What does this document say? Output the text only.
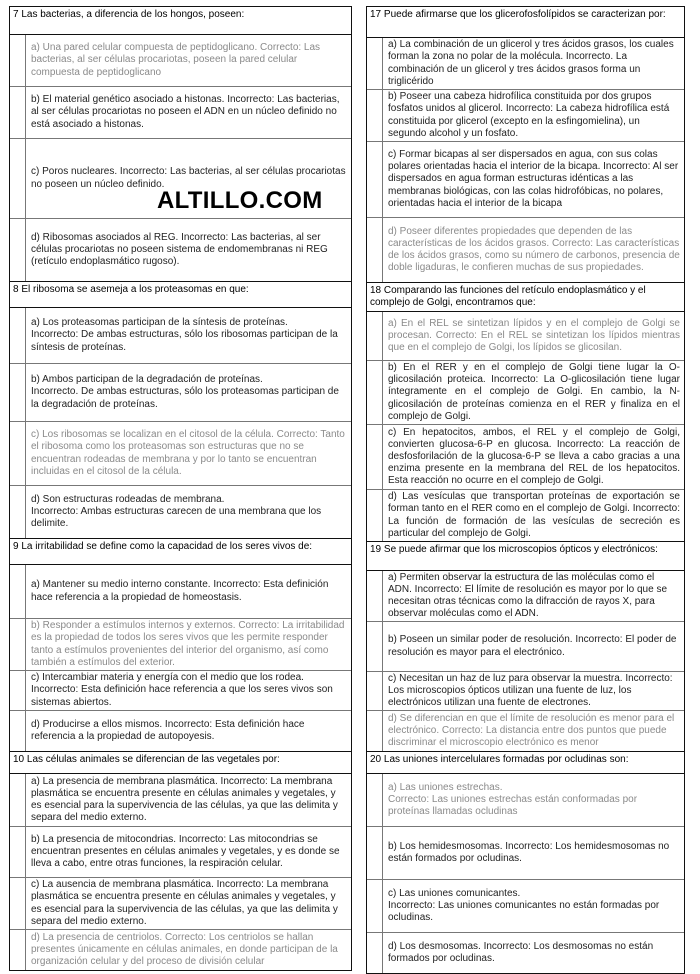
7 Las bacterias, a diferencia de los hongos, poseen:
a) Una pared celular compuesta de peptidoglicano. Correcto: Las bacterias, al ser células procariotas, poseen la pared celular compuesta de peptidoglicano
b) El material genético asociado a histonas. Incorrecto: Las bacterias, al ser células procariotas no poseen el ADN en un núcleo definido no está asociado a histonas.
c) Poros nucleares. Incorrecto: Las bacterias, al ser células procariotas no poseen un núcleo definido.
d) Ribosomas asociados al REG. Incorrecto: Las bacterias, al ser células procariotas no poseen sistema de endomembranas ni REG (retículo endoplasmático rugoso).
8 El ribosoma se asemeja a los proteasomas en que:
a) Los proteasomas participan de la síntesis de proteínas.
Incorrecto: De ambas estructuras, sólo los ribosomas participan de la síntesis de proteínas.
b) Ambos participan de la degradación de proteínas.
Incorrecto. De ambas estructuras, sólo los proteasomas participan de la degradación de proteínas.
c) Los ribosomas se localizan en el citosol de la célula. Correcto: Tanto el ribosoma como los proteasomas son estructuras que no se encuentran rodeadas de membrana y por lo tanto se encuentran incluidas en el citosol de la célula.
d) Son estructuras rodeadas de membrana.
Incorrecto: Ambas estructuras carecen de una membrana que los delimite.
9 La irritabilidad se define como la capacidad de los seres vivos de:
a) Mantener su medio interno constante. Incorrecto: Esta definición hace referencia a la propiedad de homeostasis.
b) Responder a estímulos internos y externos. Correcto: La irritabilidad es la propiedad de todos los seres vivos que les permite responder tanto a estímulos provenientes del interior del organismo, así como también a estímulos del exterior.
c) Intercambiar materia y energía con el medio que los rodea. Incorrecto: Esta definición hace referencia a que los seres vivos son sistemas abiertos.
d) Producirse a ellos mismos. Incorrecto: Esta definición hace referencia a la propiedad de autopoyesis.
10 Las células animales se diferencian de las vegetales por:
a) La presencia de membrana plasmática. Incorrecto: La membrana plasmática se encuentra presente en células animales y vegetales, y es esencial para la supervivencia de las células, ya que las delimita y separa del medio externo.
b) La presencia de mitocondrias. Incorrecto: Las mitocondrias se encuentran presentes en células animales y vegetales, y es donde se lleva a cabo, entre otras funciones, la respiración celular.
c) La ausencia de membrana plasmática. Incorrecto: La membrana plasmática se encuentra presente en células animales y vegetales, y es esencial para la supervivencia de las células, ya que las delimita y separa del medio externo.
d) La presencia de centriolos. Correcto: Los centriolos se hallan presentes únicamente en células animales, en donde participan de la organización celular y del proceso de división celular
17 Puede afirmarse que los glicerofosfolípidos se caracterizan por:
a) La combinación de un glicerol y tres ácidos grasos, los cuales forman la zona no polar de la molécula. Incorrecto. La combinación de un glicerol y tres ácidos grasos forma un triglicérido
b) Poseer una cabeza hidrofílica constituida por dos grupos fosfatos unidos al glicerol. Incorrecto: La cabeza hidrofílica está constituida por glicerol (excepto en la esfingomielina), un segundo alcohol y un fosfato.
c) Formar bicapas al ser dispersados en agua, con sus colas polares orientadas hacia el interior de la bicapa. Incorrecto: Al ser dispersados en agua forman estructuras idénticas a las membranas biológicas, con las colas hidrofóbicas, no polares, orientadas hacia el interior de la bicapa
d) Poseer diferentes propiedades que dependen de las características de los ácidos grasos. Correcto: Las características de los ácidos grasos, como su número de carbonos, presencia de doble ligaduras, le confieren muchas de sus propiedades.
18 Comparando las funciones del retículo endoplasmático y el complejo de Golgi, encontramos que:
a) En el REL se sintetizan lípidos y en el complejo de Golgi se procesan. Correcto: En el REL se sintetizan los lípidos mientras que en el complejo de Golgi, los lípidos se glicosilan.
b) En el RER y en el complejo de Golgi tiene lugar la O-glicosilación proteica. Incorrecto: La O-glicosilación tiene lugar íntegramente en el complejo de Golgi. En cambio, la N-glicosilación de proteínas comienza en el RER y finaliza en el complejo de Golgi.
c) En hepatocitos, ambos, el REL y el complejo de Golgi, convierten glucosa-6-P en glucosa. Incorrecto: La reacción de desfosforilación de la glucosa-6-P se lleva a cabo gracias a una enzima presente en la membrana del REL de los hepatocitos. Esta reacción no ocurre en el complejo de Golgi.
d) Las vesículas que transportan proteínas de exportación se forman tanto en el RER como en el complejo de Golgi. Incorrecto: La función de formación de las vesículas de secreción es particular del complejo de Golgi.
19 Se puede afirmar que los microscopios ópticos y electrónicos:
a) Permiten observar la estructura de las moléculas como el ADN. Incorrecto: El límite de resolución es mayor por lo que se necesitan otras técnicas como la difracción de rayos X, para observar moléculas como el ADN.
b) Poseen un similar poder de resolución. Incorrecto: El poder de resolución es mayor para el electrónico.
c) Necesitan un haz de luz para observar la muestra. Incorrecto: Los microscopios ópticos utilizan una fuente de luz, los electrónicos utilizan una fuente de electrones.
d) Se diferencian en que el límite de resolución es menor para el electrónico. Correcto: La distancia entre dos puntos que puede discriminar el microscopio electrónico es menor
20 Las uniones intercelulares formadas por ocludinas son:
a) Las uniones estrechas.
Correcto: Las uniones estrechas están conformadas por proteínas llamadas ocludinas
b) Los hemidesmosomas. Incorrecto: Los hemidesmosomas no están formados por ocludinas.
c) Las uniones comunicantes.
Incorrecto: Las uniones comunicantes no están formadas por ocludinas.
d) Los desmosomas. Incorrecto: Los desmosomas no están formados por ocludinas.
ALTILLO.COM
